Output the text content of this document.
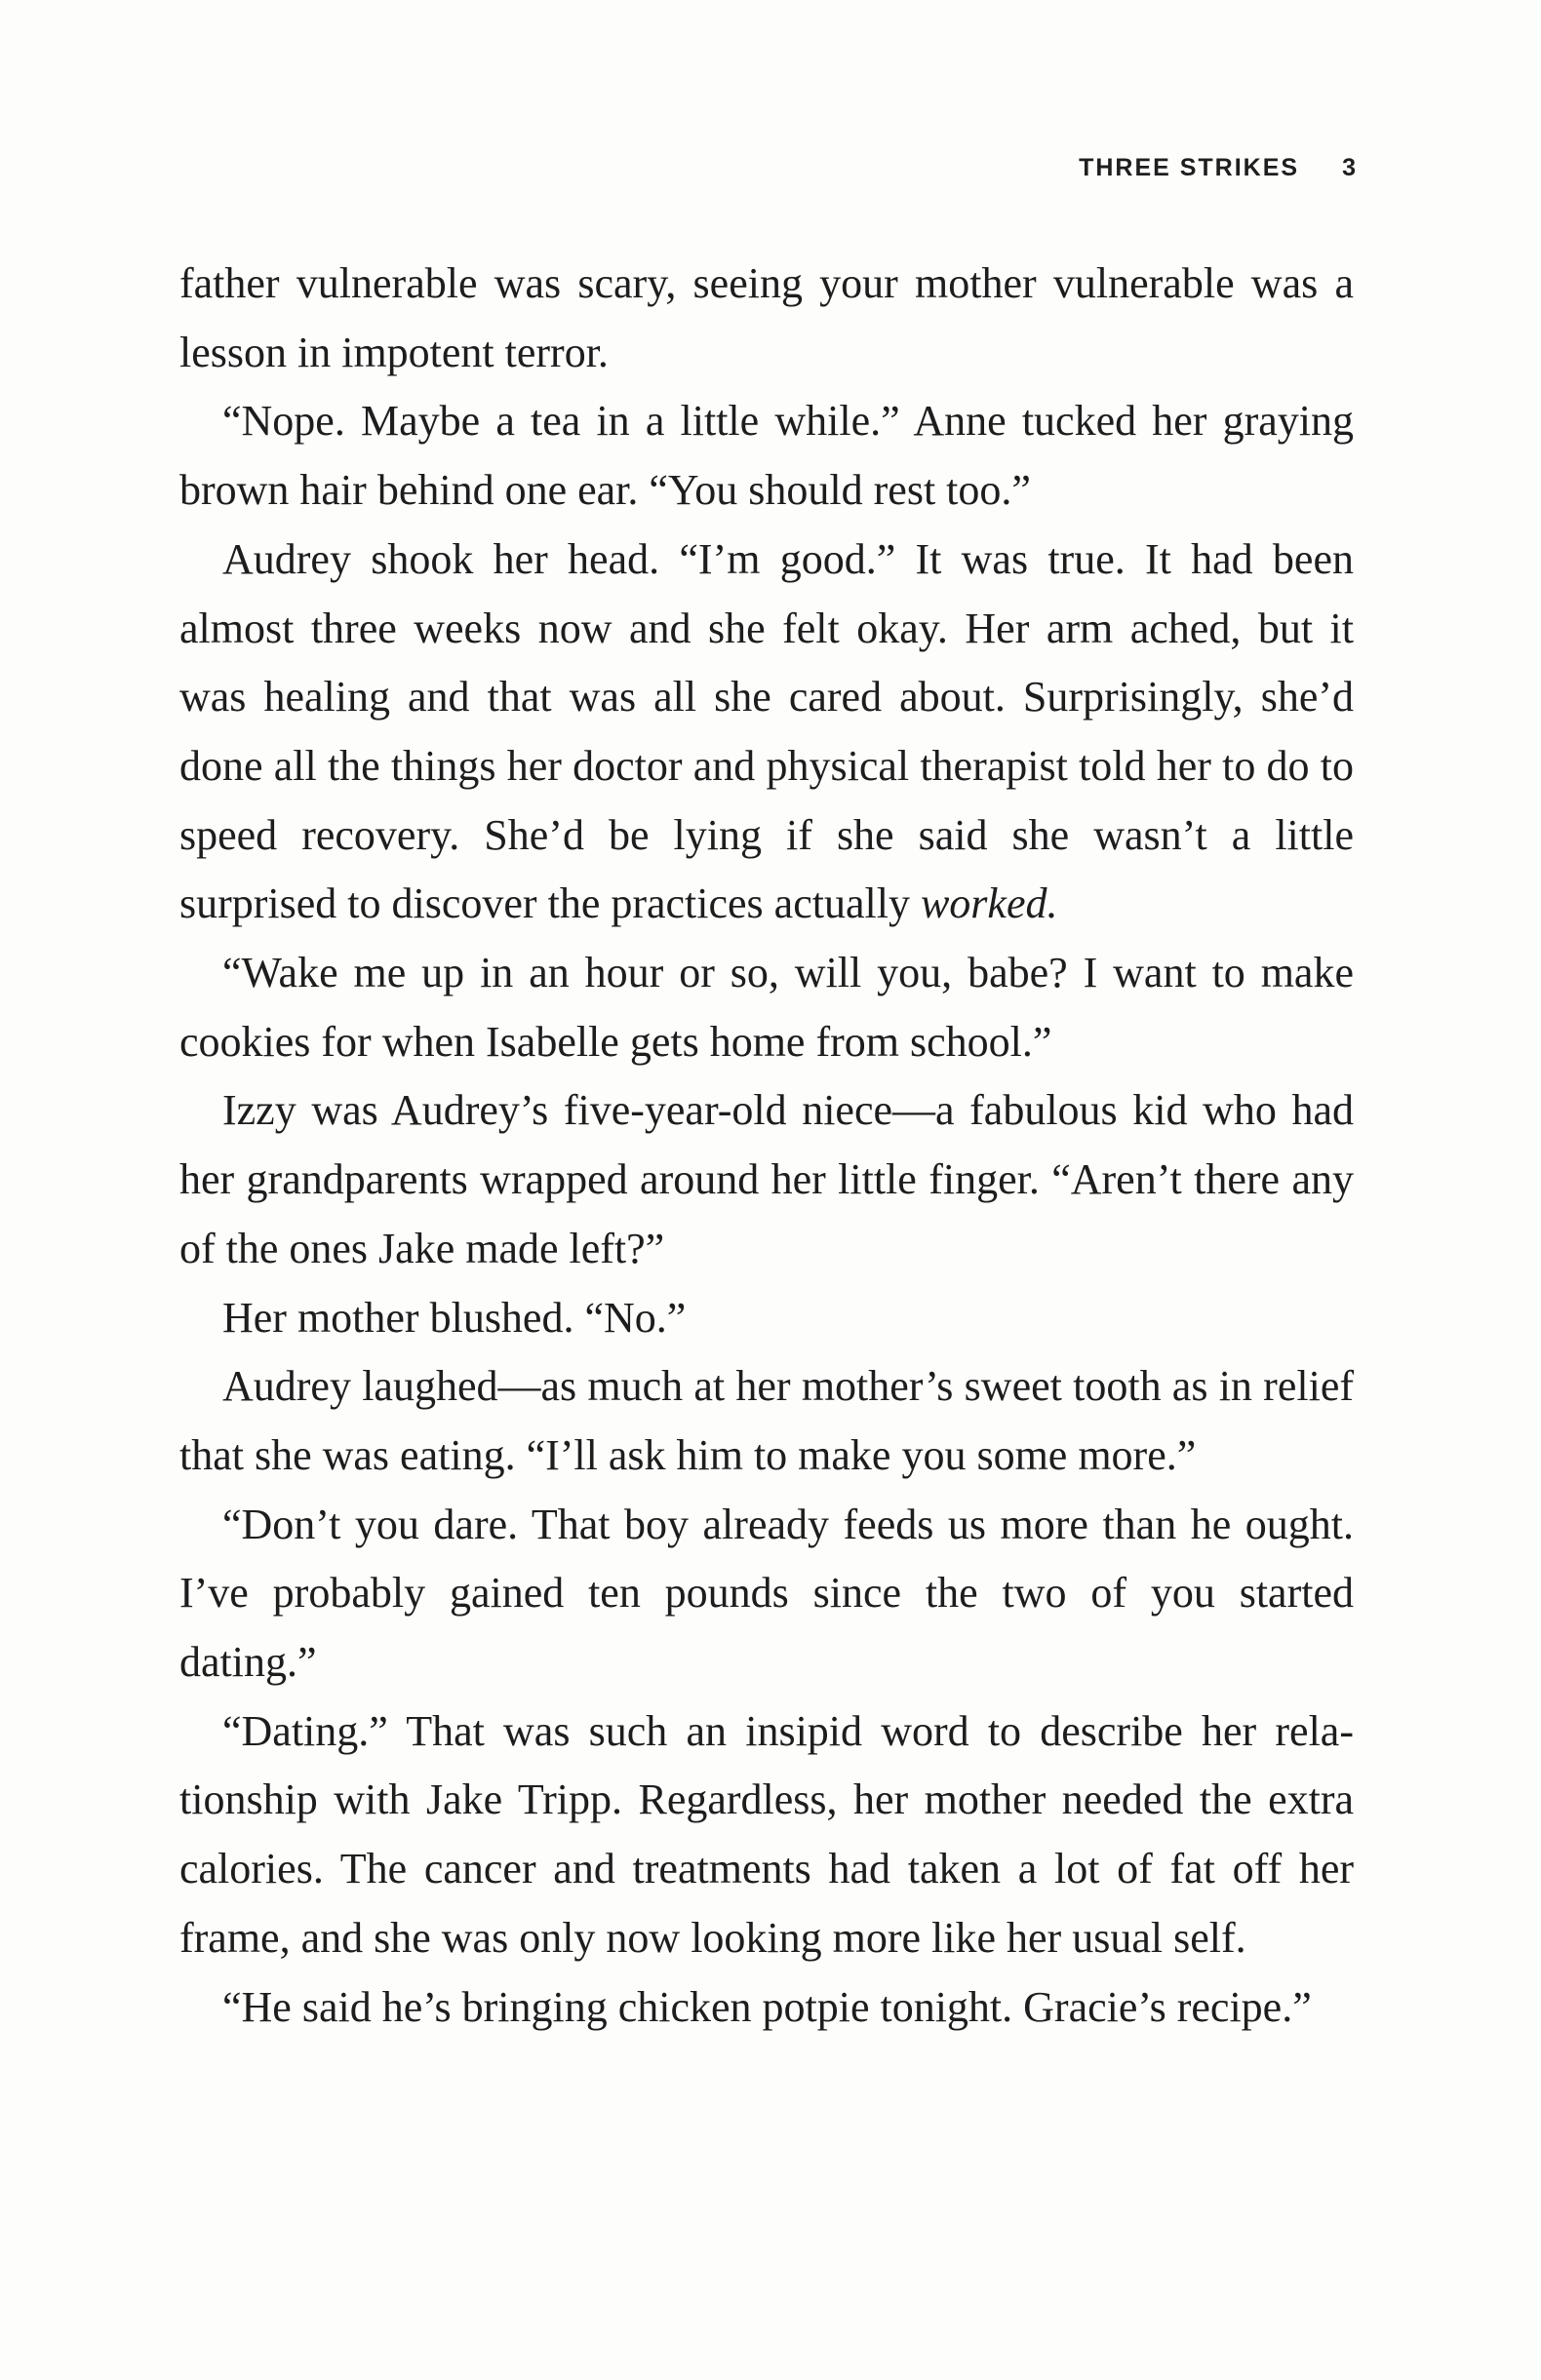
THREE STRIKES 3

father vulnerable was scary, seeing your mother vulnerable was a lesson in impotent terror.

“Nope. Maybe a tea in a little while.” Anne tucked her graying brown hair behind one ear. “You should rest too.”

Audrey shook her head. “I’m good.” It was true. It had been almost three weeks now and she felt okay. Her arm ached, but it was healing and that was all she cared about. Surprisingly, she’d done all the things her doctor and physical therapist told her to do to speed recovery. She’d be lying if she said she wasn’t a little surprised to discover the practices actually worked.

“Wake me up in an hour or so, will you, babe? I want to make cookies for when Isabelle gets home from school.”

Izzy was Audrey’s five-year-old niece—a fabulous kid who had her grandparents wrapped around her little finger. “Aren’t there any of the ones Jake made left?”

Her mother blushed. “No.”

Audrey laughed—as much at her mother’s sweet tooth as in relief that she was eating. “I’ll ask him to make you some more.”

“Don’t you dare. That boy already feeds us more than he ought. I’ve probably gained ten pounds since the two of you started dating.”

“Dating.” That was such an insipid word to describe her relationship with Jake Tripp. Regardless, her mother needed the extra calories. The cancer and treatments had taken a lot of fat off her frame, and she was only now looking more like her usual self.

“He said he’s bringing chicken potpie tonight. Gracie’s recipe.”
